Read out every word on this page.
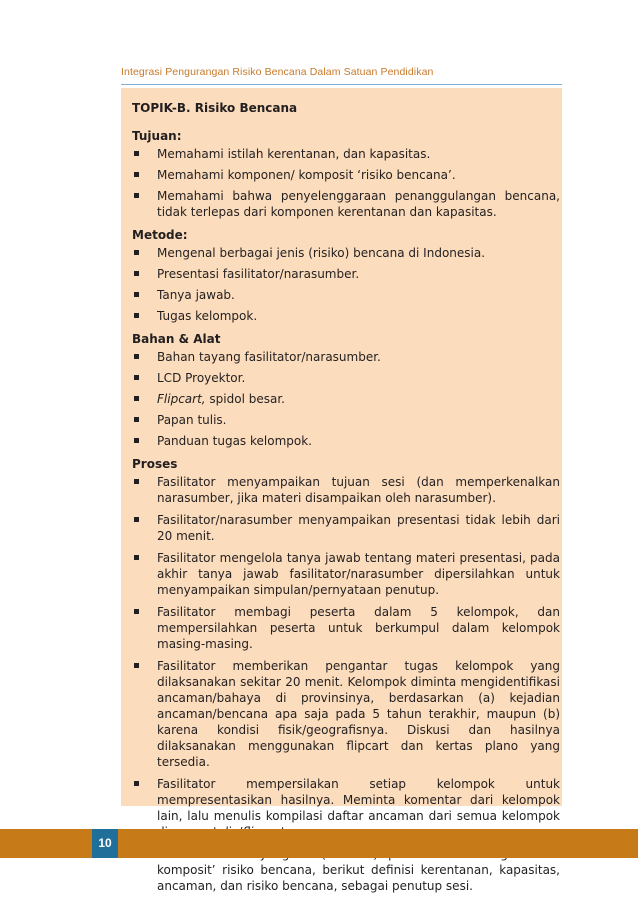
Integrasi Pengurangan Risiko Bencana Dalam Satuan Pendidikan
TOPIK-B. Risiko Bencana
Tujuan:
Memahami istilah kerentanan, dan kapasitas.
Memahami komponen/ komposit ‘risiko bencana’.
Memahami bahwa penyelenggaraan penanggulangan bencana, tidak terlepas dari komponen kerentanan dan kapasitas.
Metode:
Mengenal berbagai jenis (risiko) bencana di Indonesia.
Presentasi fasilitator/narasumber.
Tanya jawab.
Tugas kelompok.
Bahan & Alat
Bahan tayang fasilitator/narasumber.
LCD Proyektor.
Flipcart, spidol besar.
Papan tulis.
Panduan tugas kelompok.
Proses
Fasilitator menyampaikan tujuan sesi (dan memperkenalkan narasumber, jika materi disampaikan oleh narasumber).
Fasilitator/narasumber menyampaikan presentasi tidak lebih dari 20 menit.
Fasilitator mengelola tanya jawab tentang materi presentasi, pada akhir tanya jawab fasilitator/narasumber dipersilahkan untuk menyampaikan simpulan/pernyataan penutup.
Fasilitator membagi peserta dalam 5 kelompok, dan mempersilahkan peserta untuk berkumpul dalam kelompok masing-masing.
Fasilitator memberikan pengantar tugas kelompok yang dilaksanakan sekitar 20 menit. Kelompok diminta mengidentifikasi ancaman/bahaya di provinsinya, berdasarkan (a) kejadian ancaman/bencana apa saja pada 5 tahun terakhir, maupun (b) karena kondisi fisik/geografisnya. Diskusi dan hasilnya dilaksanakan menggunakan flipcart dan kertas plano yang tersedia.
Fasilitator mempersilakan setiap kelompok untuk mempresentasikan hasilnya. Meminta komentar dari kelompok lain, lalu menulis kompilasi daftar ancaman dari semua kelompok
komposit’ risiko bencana, berikut definisi kerentanan, kapasitas, ancaman, dan risiko bencana, sebagai penutup sesi.
10
